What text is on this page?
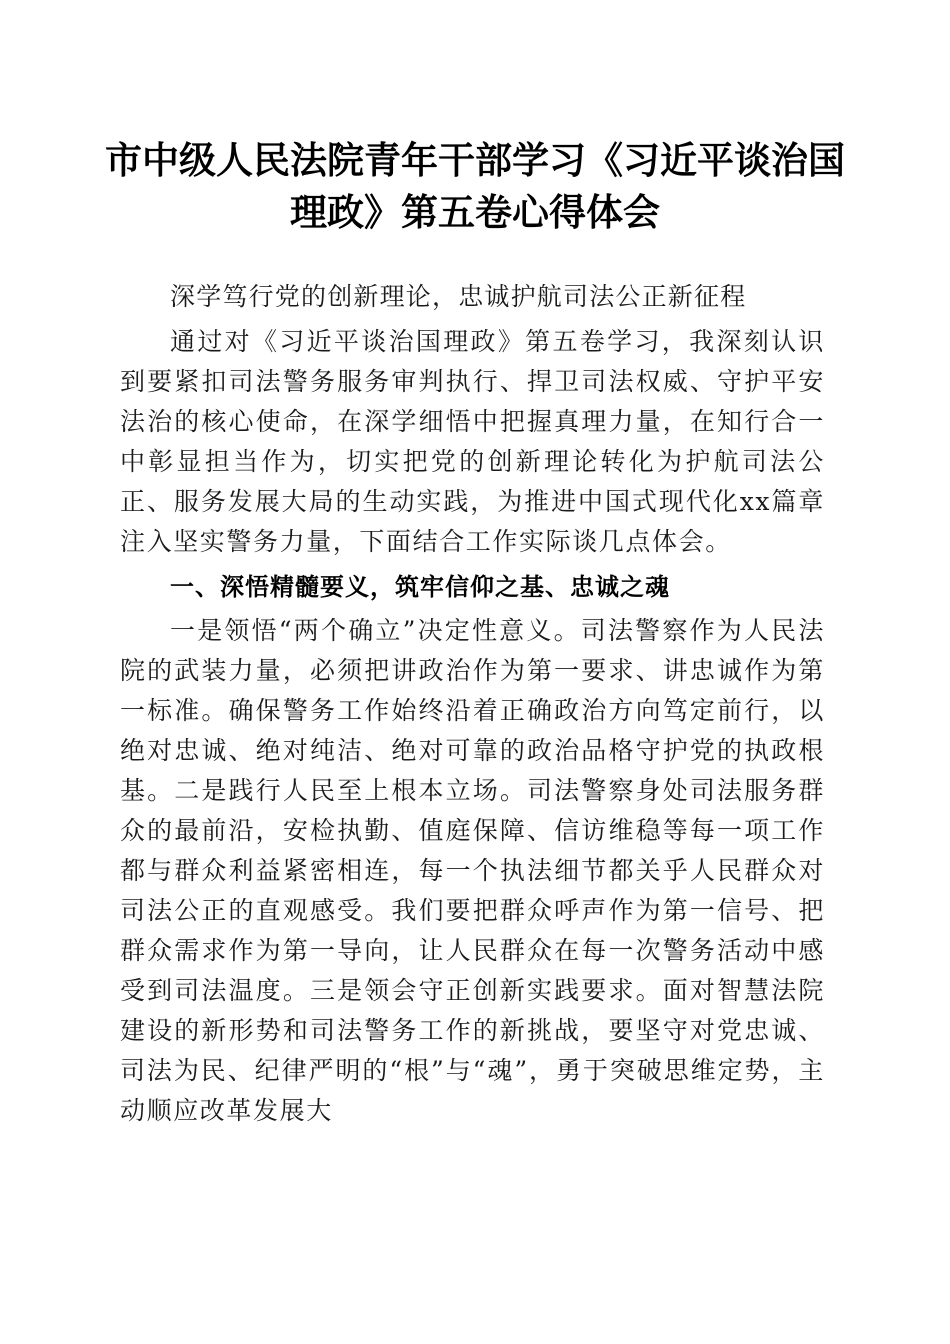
市中级人民法院青年干部学习《习近平谈治国
理政》第五卷心得体会

深学笃行党的创新理论，忠诚护航司法公正新征程

通过对《习近平谈治国理政》第五卷学习，我深刻认识到要紧扣司法警务服务审判执行、捍卫司法权威、守护平安法治的核心使命，在深学细悟中把握真理力量，在知行合一中彰显担当作为，切实把党的创新理论转化为护航司法公正、服务发展大局的生动实践，为推进中国式现代化xx篇章注入坚实警务力量，下面结合工作实际谈几点体会。

一、深悟精髓要义，筑牢信仰之基、忠诚之魂

一是领悟“两个确立”决定性意义。司法警察作为人民法院的武装力量，必须把讲政治作为第一要求、讲忠诚作为第一标准。确保警务工作始终沿着正确政治方向笃定前行，以绝对忠诚、绝对纯洁、绝对可靠的政治品格守护党的执政根基。二是践行人民至上根本立场。司法警察身处司法服务群众的最前沿，安检执勤、值庭保障、信访维稳等每一项工作都与群众利益紧密相连，每一个执法细节都关乎人民群众对司法公正的直观感受。我们要把群众呼声作为第一信号、把群众需求作为第一导向，让人民群众在每一次警务活动中感受到司法温度。三是领会守正创新实践要求。面对智慧法院建设的新形势和司法警务工作的新挑战，要坚守对党忠诚、司法为民、纪律严明的“根”与“魂”，勇于突破思维定势，主动顺应改革发展大
